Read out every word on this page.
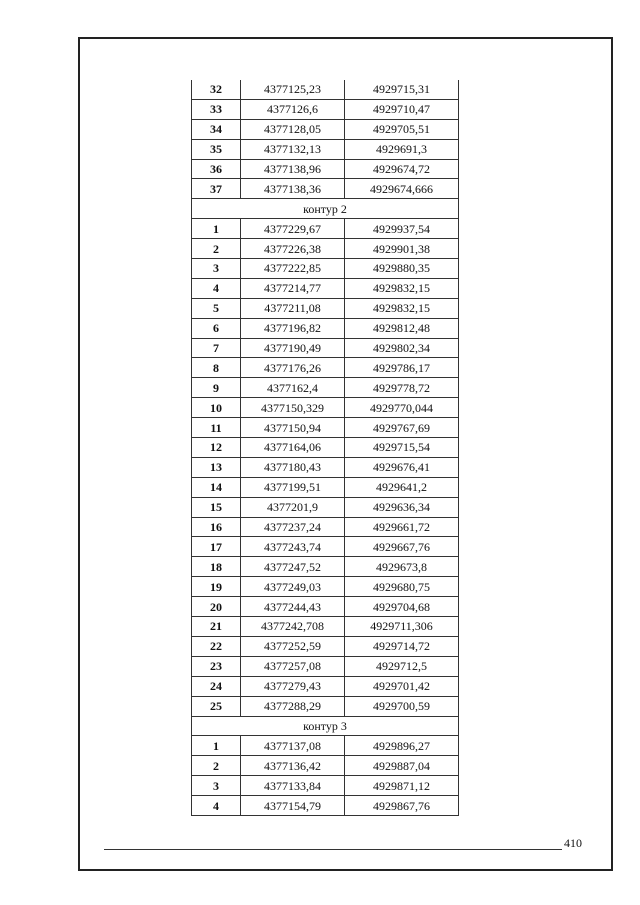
32	4377125,23	4929715,31
33	4377126,6	4929710,47
34	4377128,05	4929705,51
35	4377132,13	4929691,3
36	4377138,96	4929674,72
37	4377138,36	4929674,666
контур 2		
1	4377229,67	4929937,54
2	4377226,38	4929901,38
3	4377222,85	4929880,35
4	4377214,77	4929832,15
5	4377211,08	4929832,15
6	4377196,82	4929812,48
7	4377190,49	4929802,34
8	4377176,26	4929786,17
9	4377162,4	4929778,72
10	4377150,329	4929770,044
11	4377150,94	4929767,69
12	4377164,06	4929715,54
13	4377180,43	4929676,41
14	4377199,51	4929641,2
15	4377201,9	4929636,34
16	4377237,24	4929661,72
17	4377243,74	4929667,76
18	4377247,52	4929673,8
19	4377249,03	4929680,75
20	4377244,43	4929704,68
21	4377242,708	4929711,306
22	4377252,59	4929714,72
23	4377257,08	4929712,5
24	4377279,43	4929701,42
25	4377288,29	4929700,59
контур 3		
1	4377137,08	4929896,27
2	4377136,42	4929887,04
3	4377133,84	4929871,12
4	4377154,79	4929867,76
410
